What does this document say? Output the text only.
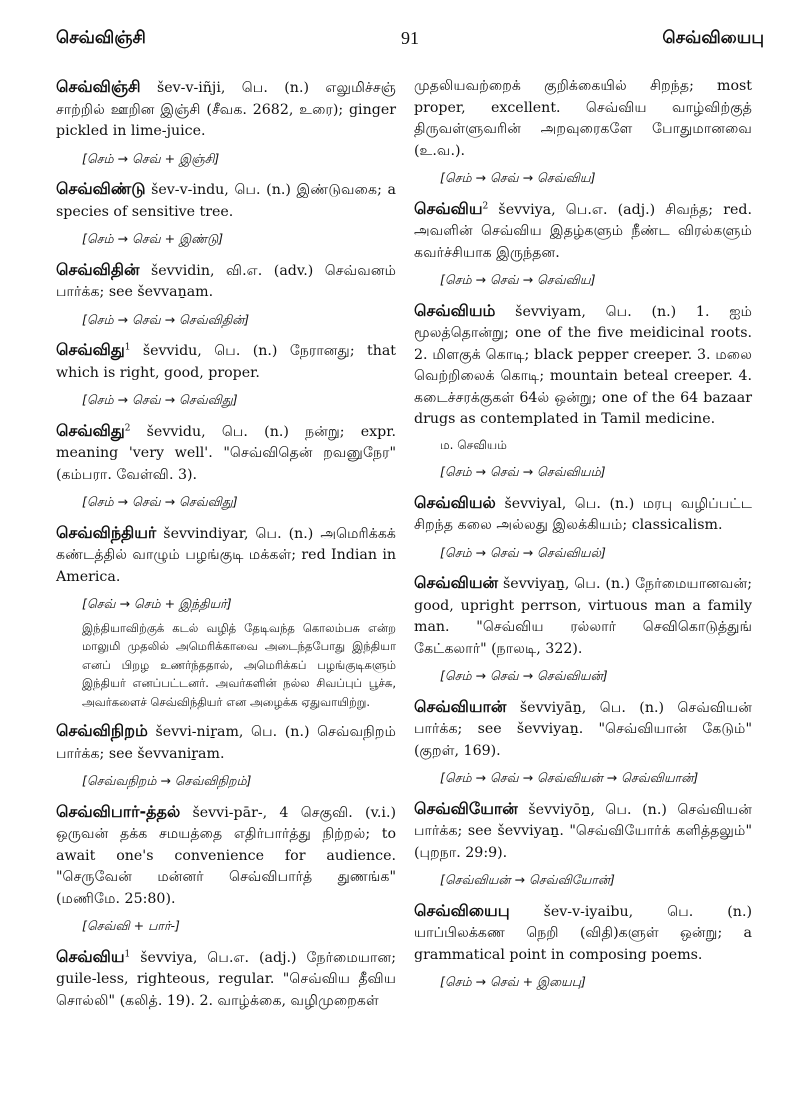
செவ்விஞ்சி	91	செவ்வியைபு
செவ்விஞ்சி šev-v-iñji, பெ. (n.) எலுமிச்சஞ் சாற்றில் ஊறின இஞ்சி (சீவக. 2682, உரை); ginger pickled in lime-juice.
[செம் → செவ் + இஞ்சி]
செவ்விண்டு šev-v-indu, பெ. (n.) இண்டுவகை; a species of sensitive tree.
[செம் → செவ் + இண்டு]
செவ்விதின் ševvidin, வி.எ. (adv.) செவ்வனம் பார்க்க; see ševvaṉam.
[செம் → செவ் → செவ்விதின்]
செவ்விது$^1$ ševvidu, பெ. (n.) நேரானது; that which is right, good, proper.
[செம் → செவ் → செவ்விது]
செவ்விது$^2$ ševvidu, பெ. (n.) நன்று; expr. meaning 'very well'. "செவ்விதென் றவனுநேர" (கம்பரா. வேள்வி. 3).
[செம் → செவ் → செவ்விது]
செவ்விந்தியர் ševvindiyar, பெ. (n.) அமெரிக்கக் கண்டத்தில் வாழும் பழங்குடி மக்கள்; red Indian in America.
[செவ் → செம் + இந்தியர்]
இந்தியாவிற்குக் கடல் வழித் தேடிவந்த கொலம்பசு என்ற மாலுமி முதலில் அமெரிக்காவை அடைந்தபோது இந்தியா எனப் பிறழ உணர்ந்ததால், அமெரிக்கப் பழங்குடிகளும் இந்தியர் எனப்பட்டனர். அவர்களின் நல்ல சிவப்புப் பூச்சு, அவர்களைச் செவ்விந்தியர் என அழைக்க ஏதுவாயிற்று.
செவ்விநிறம் ševvi-niṟam, பெ. (n.) செவ்வநிறம் பார்க்க; see ševvaniṟam.
[செவ்வநிறம் → செவ்விநிறம்]
செவ்விபார்-த்தல் ševvi-pār-, 4 செகுவி. (v.i.) ஒருவன் தக்க சமயத்தை எதிர்பார்த்து நிற்றல்; to await one's convenience for audience. "செருவேன் மன்னர் செவ்விபார்த் துணங்க" (மணிமே. 25:80).
[செவ்வி + பார்-]
செவ்விய$^1$ ševviya, பெ.எ. (adj.) நேர்மையான; guile-less, righteous, regular. "செவ்விய தீவிய சொல்லி" (கலித். 19). 2. வாழ்க்கை, வழிமுறைகள்
முதலியவற்றைக் குறிக்கையில் சிறந்த; most proper, excellent. செவ்விய வாழ்விற்குத் திருவள்ளுவரின் அறவுரைகளே போதுமானவை (உ.வ.).
[செம் → செவ் → செவ்விய]
செவ்விய$^2$ ševviya, பெ.எ. (adj.) சிவந்த; red. அவளின் செவ்விய இதழ்களும் நீண்ட விரல்களும் கவர்ச்சியாக இருந்தன.
[செம் → செவ் → செவ்விய]
செவ்வியம் ševviyam, பெ. (n.) 1. ஐம் மூலத்தொன்று; one of the five meidicinal roots. 2. மிளகுக் கொடி; black pepper creeper. 3. மலை வெற்றிலைக் கொடி; mountain beteal creeper. 4. கடைச்சரக்குகள் 64ல் ஒன்று; one of the 64 bazaar drugs as contemplated in Tamil medicine.
ம. செவியம்
[செம் → செவ் → செவ்வியம்]
செவ்வியல் ševviyal, பெ. (n.) மரபு வழிப்பட்ட சிறந்த கலை அல்லது இலக்கியம்; classicalism.
[செம் → செவ் → செவ்வியல்]
செவ்வியன் ševviyaṉ, பெ. (n.) நேர்மையானவன்; good, upright perrson, virtuous man a family man. "செவ்விய ரல்லார் செவிகொடுத்துங் கேட்கலார்" (நாலடி, 322).
[செம் → செவ் → செவ்வியன்]
செவ்வியான் ševviyāṉ, பெ. (n.) செவ்வியன் பார்க்க; see ševviyaṉ. "செவ்வியான் கேடும்" (குறள், 169).
[செம் → செவ் → செவ்வியன் → செவ்வியான்]
செவ்வியோன் ševviyōṉ, பெ. (n.) செவ்வியன் பார்க்க; see ševviyaṉ. "செவ்வியோர்க் களித்தலும்" (புறநா. 29:9).
[செவ்வியன் → செவ்வியோன்]
செவ்வியைபு šev-v-iyaibu, பெ. (n.) யாப்பிலக்கண நெறி (விதி)களுள் ஒன்று; a grammatical point in composing poems.
[செம் → செவ் + இயைபு]
